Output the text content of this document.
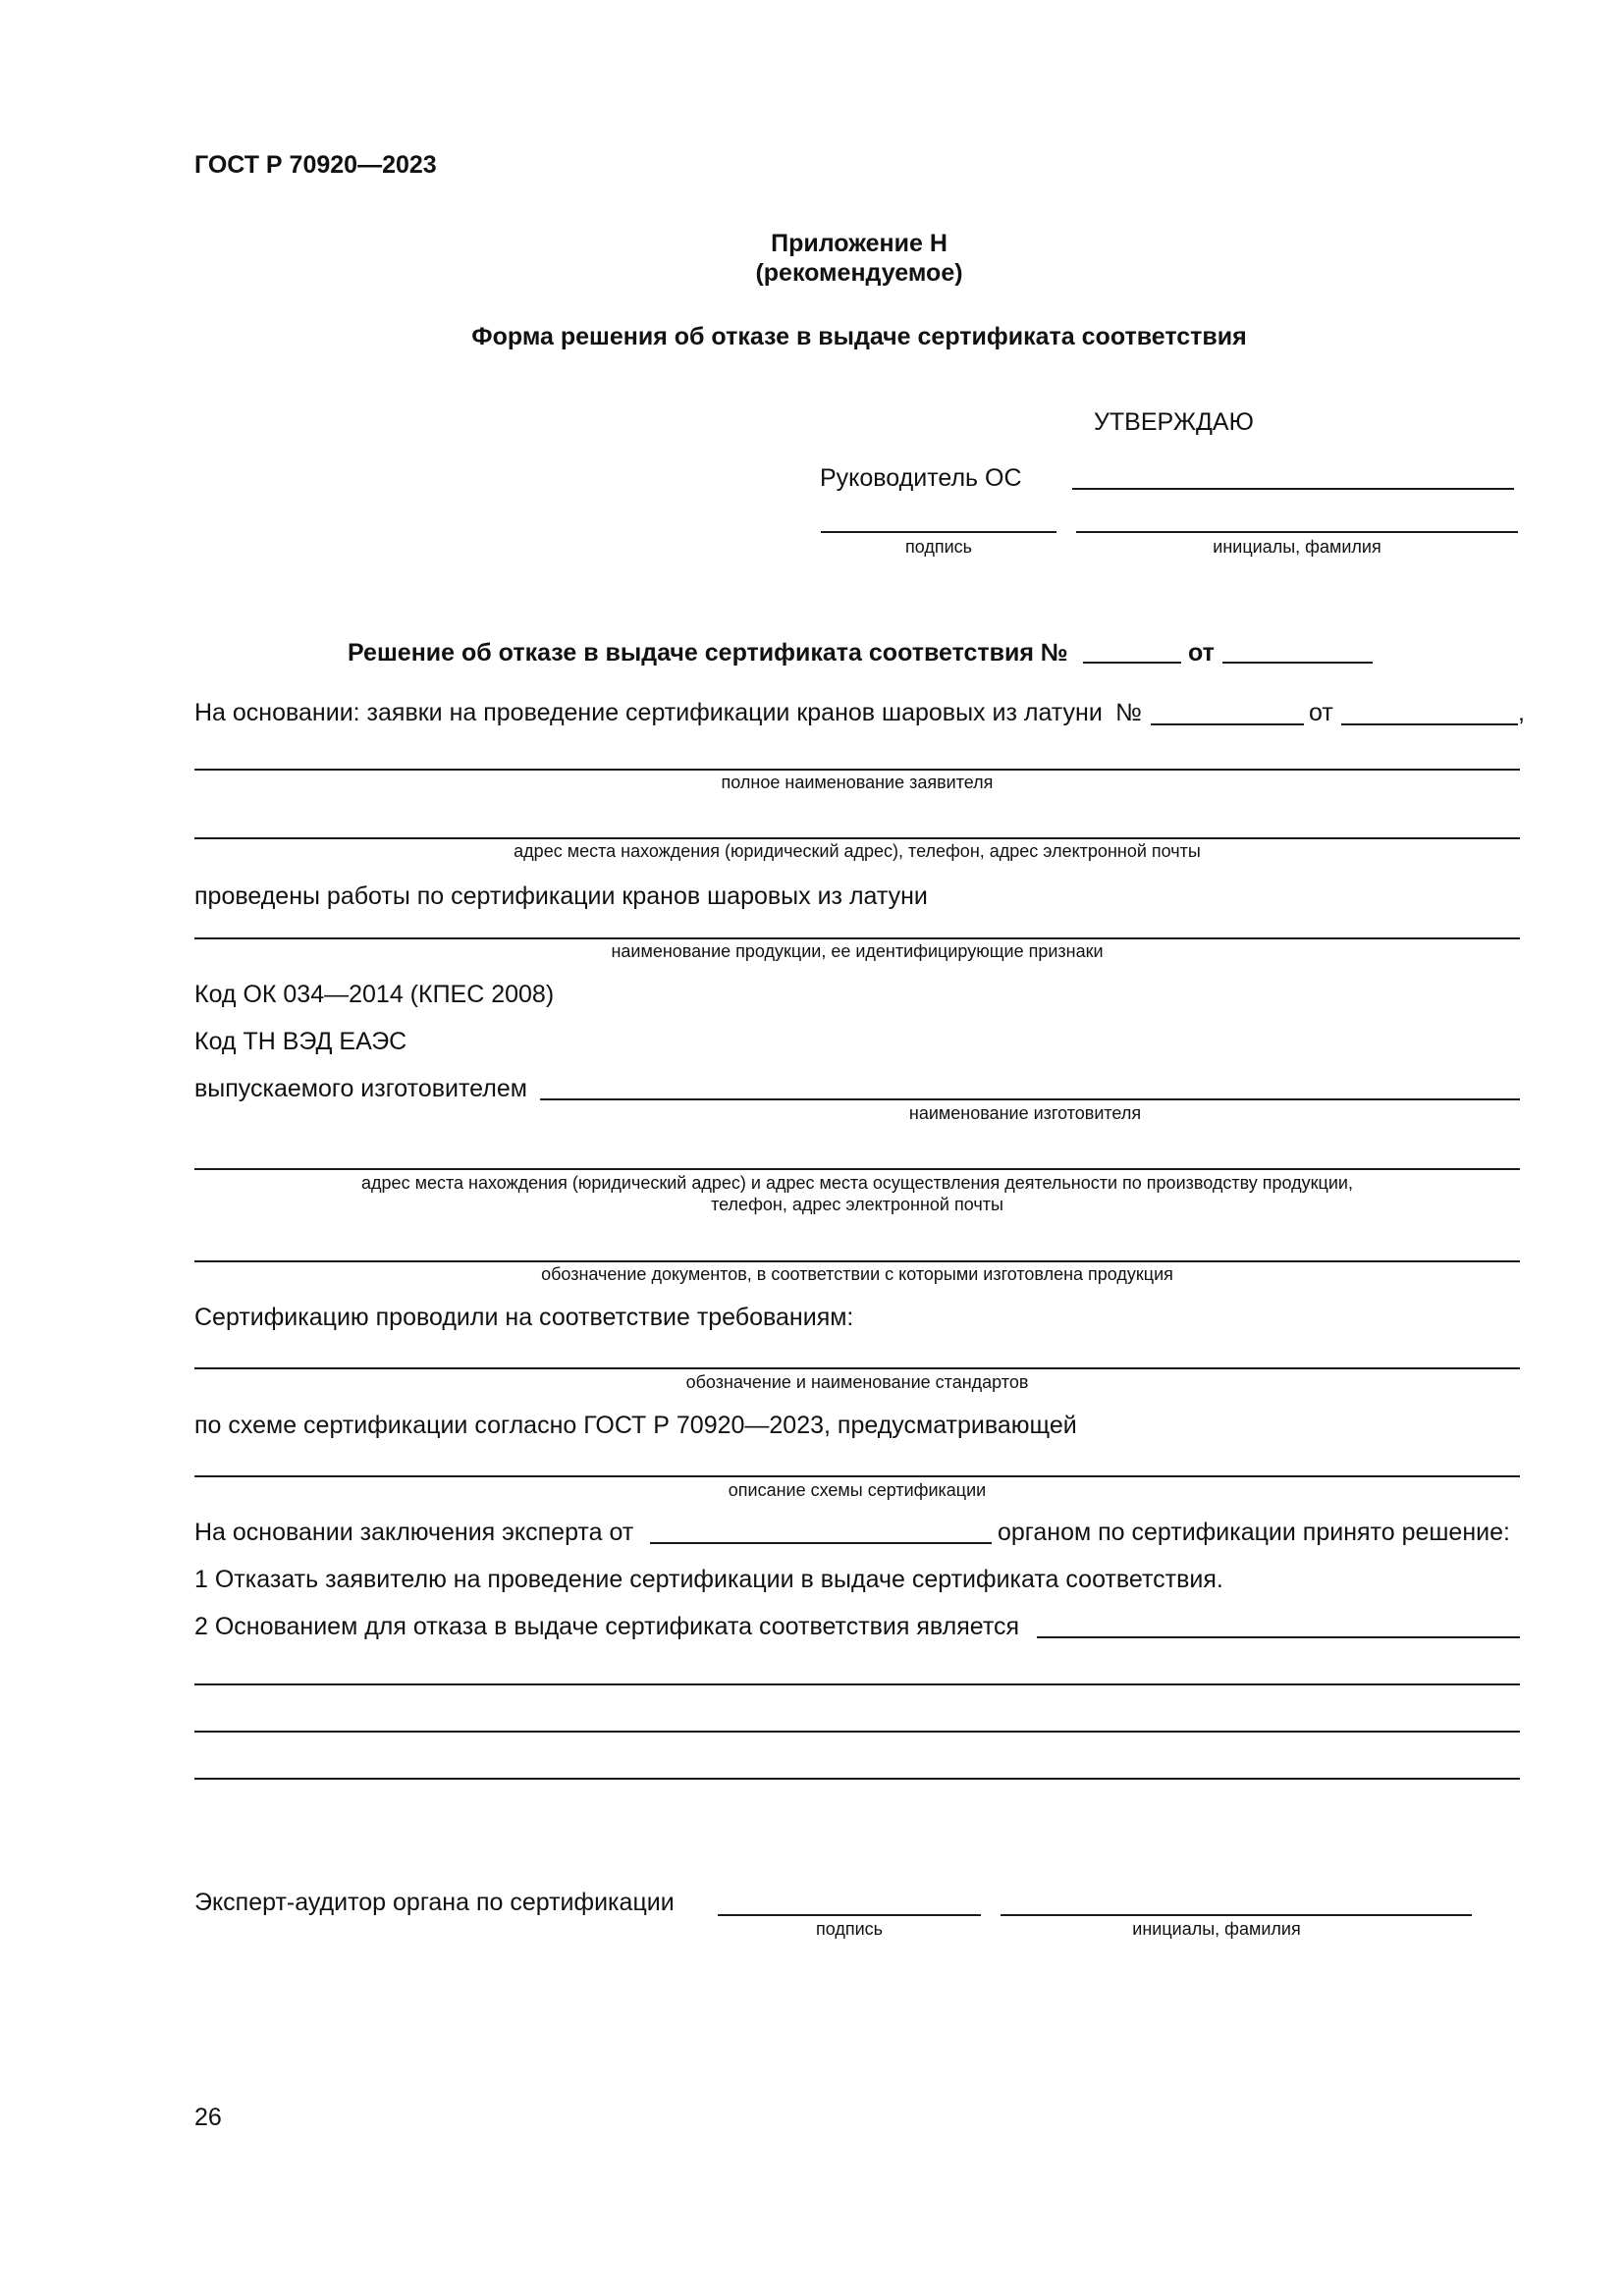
ГОСТ Р 70920—2023
Приложение Н
(рекомендуемое)
Форма решения об отказе в выдаче сертификата соответствия
УТВЕРЖДАЮ
Руководитель ОС
подпись	инициалы, фамилия
Решение об отказе в выдаче сертификата соответствия №	от
На основании: заявки на проведение сертификации кранов шаровых из латуни №	от	,
полное наименование заявителя
адрес места нахождения (юридический адрес), телефон, адрес электронной почты
проведены работы по сертификации кранов шаровых из латуни
наименование продукции, ее идентифицирующие признаки
Код ОК 034—2014 (КПЕС 2008)
Код ТН ВЭД ЕАЭС
выпускаемого изготовителем
наименование изготовителя
адрес места нахождения (юридический адрес) и адрес места осуществления деятельности по производству продукции,
телефон, адрес электронной почты
обозначение документов, в соответствии с которыми изготовлена продукция
Сертификацию проводили на соответствие требованиям:
обозначение и наименование стандартов
по схеме сертификации согласно ГОСТ Р 70920—2023, предусматривающей
описание схемы сертификации
На основании заключения эксперта от	органом по сертификации принято решение:
1 Отказать заявителю на проведение сертификации в выдаче сертификата соответствия.
2 Основанием для отказа в выдаче сертификата соответствия является
Эксперт-аудитор органа по сертификации
подпись	инициалы, фамилия
26
